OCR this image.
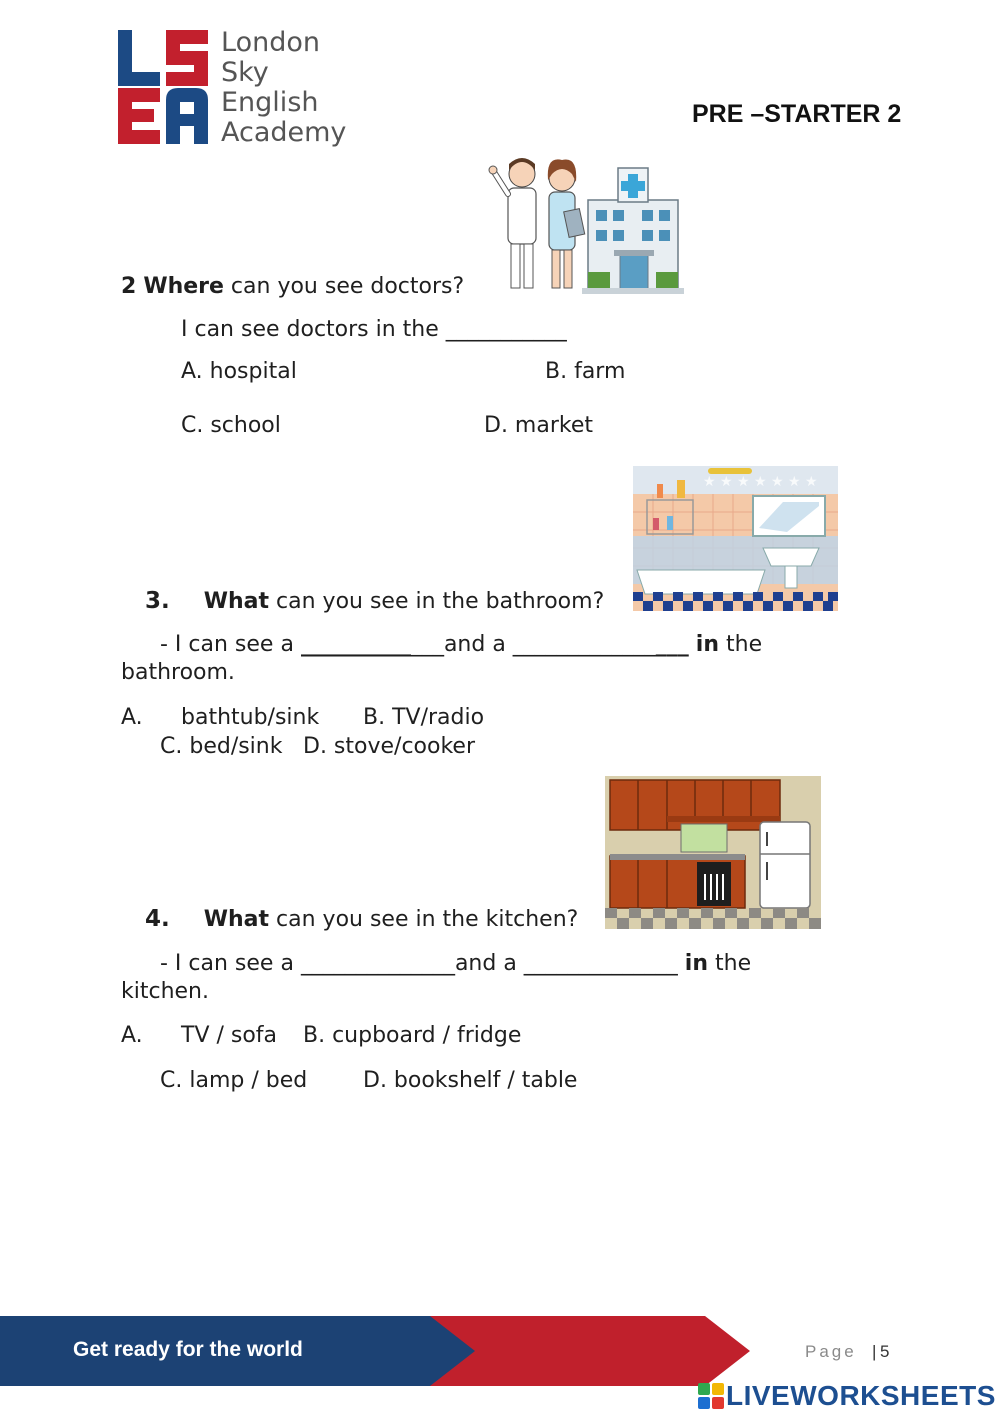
London
Sky
English
Academy
PRE –STARTER 2
2 Where can you see doctors?
I can see doctors in the ___________
A. hospital	B. farm
C. school	D. market
★ ★ ★ ★ ★ ★ ★
3. What can you see in the bathroom?
- I can see a _____________and a ________________ in the
bathroom.
A. bathtub/sink B. TV/radio
C. bed/sink D. stove/cooker
4. What can you see in the kitchen?
- I can see a ______________and a ______________ in the
kitchen.
A. TV / sofa B. cupboard / fridge
C. lamp / bed	D. bookshelf / table
Get ready for the world	Page | 5
LIVEWORKSHEETS
